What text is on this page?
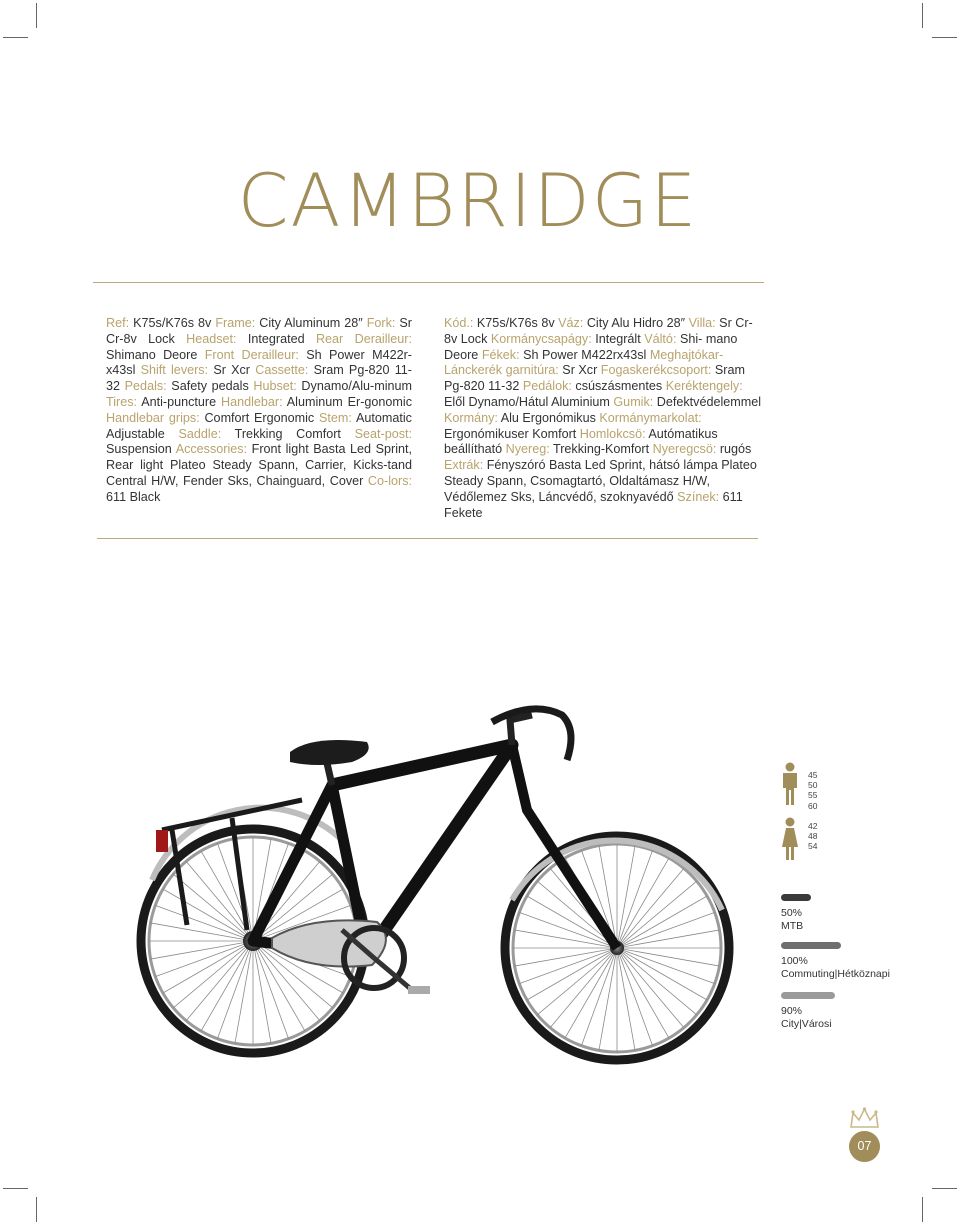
CAMBRIDGE
Ref: K75s/K76s 8v Frame: City Aluminum 28″ Fork: Sr Cr-8v Lock Headset: Integrated Rear Derailleur: Shimano Deore Front Derailleur: Sh Power M422r-x43sl Shift levers: Sr Xcr Cassette: Sram Pg-820 11-32 Pedals: Safety pedals Hubset: Dynamo/Alu-minum Tires: Anti-puncture Handlebar: Aluminum Er-gonomic Handlebar grips: Comfort Ergonomic Stem: Automatic Adjustable Saddle: Trekking Comfort Seat-post: Suspension Accessories: Front light Basta Led Sprint, Rear light Plateo Steady Spann, Carrier, Kicks-tand Central H/W, Fender Sks, Chainguard, Cover Co-lors: 611 Black
Kód.: K75s/K76s 8v Váz: City Alu Hidro 28″ Villa: Sr Cr-8v Lock Kormánycsapágy: Integrált Váltó: Shi- mano Deore Fékek: Sh Power M422rx43sl Meghajtókar-Lánckerék garnitúra: Sr Xcr Fogaskerékcsoport: Sram Pg-820 11-32 Pedálok: csúszásmentes Keréktengely: Elől Dynamo/Hátul Aluminium Gumik: Defektvédelemmel Kormány: Alu Ergonómikus Kormánymarkolat: Ergonómikuser Komfort Homlokcsö: Autómatikus beállítható Nyereg: Trekking-Komfort Nyeregcsö: rugós Extrák: Fényszóró Basta Led Sprint, hátsó lámpa Plateo Steady Spann, Csomagtartó, Oldaltámasz H/W, Védőlemez Sks, Láncvédő, szoknyavédő Színek: 611 Fekete
45
50
55
60
42
48
54
50%
MTB
100%
Commuting|Hétköznapi
90%
City|Városi
07
